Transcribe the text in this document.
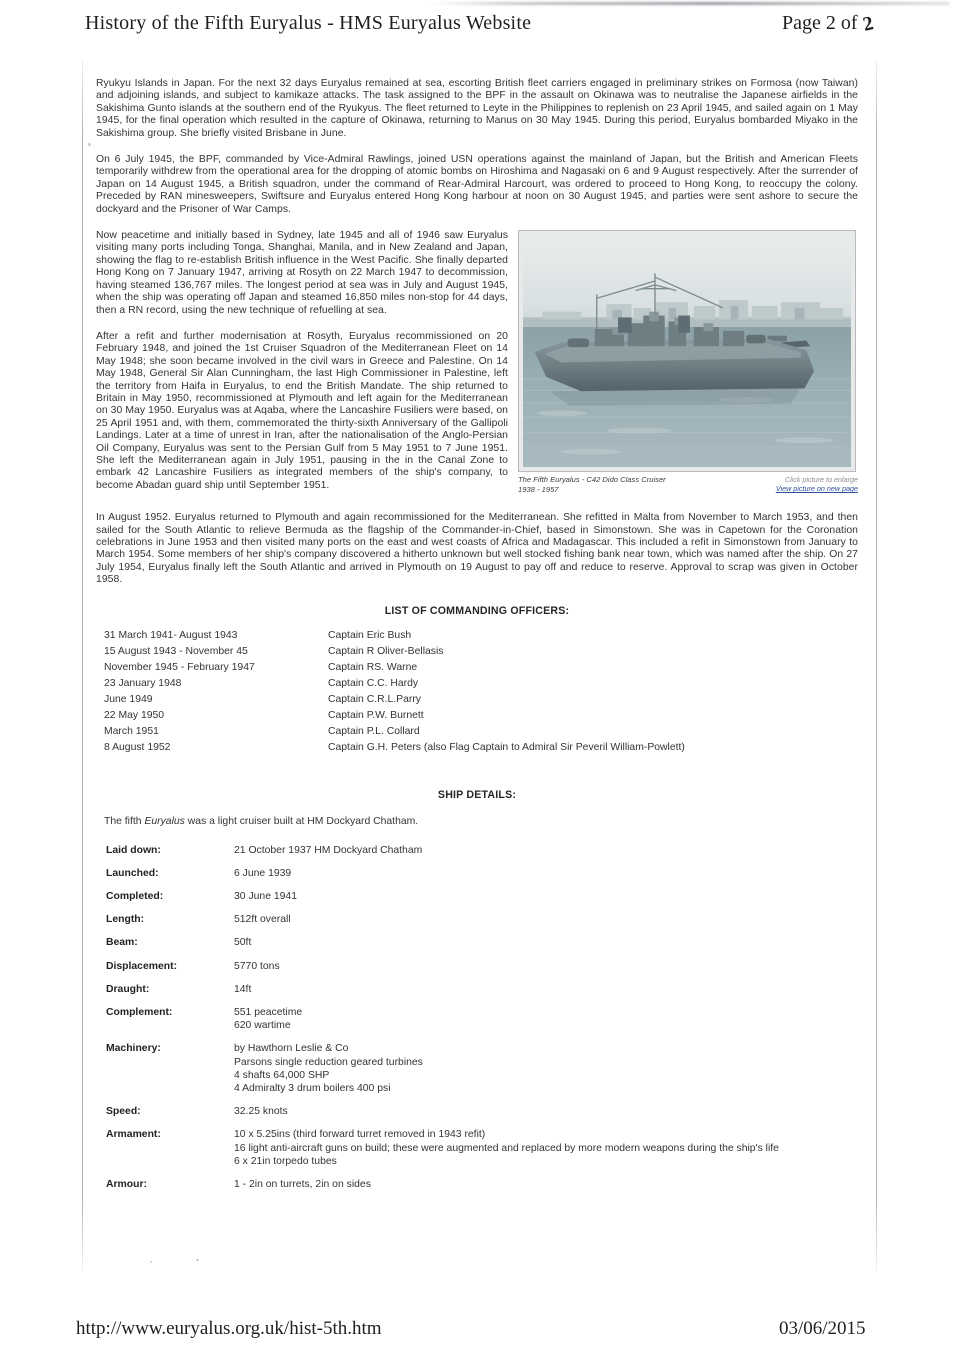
History of the Fifth Euryalus - HMS Euryalus Website	Page 2 of 2

Ryukyu Islands in Japan. For the next 32 days Euryalus remained at sea, escorting British fleet carriers engaged in preliminary strikes on Formosa (now Taiwan) and adjoining islands, and subject to kamikaze attacks. The task assigned to the BPF in the assault on Okinawa was to neutralise the Japanese airfields in the Sakishima Gunto islands at the southern end of the Ryukyus. The fleet returned to Leyte in the Philippines to replenish on 23 April 1945, and sailed again on 1 May 1945, for the final operation which resulted in the capture of Okinawa, returning to Manus on 30 May 1945. During this period, Euryalus bombarded Miyako in the Sakishima group. She briefly visited Brisbane in June.

On 6 July 1945, the BPF, commanded by Vice-Admiral Rawlings, joined USN operations against the mainland of Japan, but the British and American Fleets temporarily withdrew from the operational area for the dropping of atomic bombs on Hiroshima and Nagasaki on 6 and 9 August respectively. After the surrender of Japan on 14 August 1945, a British squadron, under the command of Rear-Admiral Harcourt, was ordered to proceed to Hong Kong, to reoccupy the colony. Preceded by RAN minesweepers, Swiftsure and Euryalus entered Hong Kong harbour at noon on 30 August 1945, and parties were sent ashore to secure the dockyard and the Prisoner of War Camps.

The Fifth Euryalus - C42 Dido Class Cruiser
1938 - 1957
Click picture to enlarge
View picture on new page

Now peacetime and initially based in Sydney, late 1945 and all of 1946 saw Euryalus visiting many ports including Tonga, Shanghai, Manila, and in New Zealand and Japan, showing the flag to re-establish British influence in the West Pacific. She finally departed Hong Kong on 7 January 1947, arriving at Rosyth on 22 March 1947 to decommission, having steamed 136,767 miles. The longest period at sea was in July and August 1945, when the ship was operating off Japan and steamed 16,850 miles non-stop for 44 days, then a RN record, using the new technique of refuelling at sea.

After a refit and further modernisation at Rosyth, Euryalus recommissioned on 20 February 1948, and joined the 1st Cruiser Squadron of the Mediterranean Fleet on 14 May 1948; she soon became involved in the civil wars in Greece and Palestine. On 14 May 1948, General Sir Alan Cunningham, the last High Commissioner in Palestine, left the territory from Haifa in Euryalus, to end the British Mandate. The ship returned to Britain in May 1950, recommissioned at Plymouth and left again for the Mediterranean on 30 May 1950. Euryalus was at Aqaba, where the Lancashire Fusiliers were based, on 25 April 1951 and, with them, commemorated the thirty-sixth Anniversary of the Gallipoli Landings. Later at a time of unrest in Iran, after the nationalisation of the Anglo-Persian Oil Company, Euryalus was sent to the Persian Gulf from 5 May 1951 to 7 June 1951. She left the Mediterranean again in July 1951, pausing in the in the Canal Zone to embark 42 Lancashire Fusiliers as integrated members of the ship's company, to become Abadan guard ship until September 1951.

In August 1952. Euryalus returned to Plymouth and again recommissioned for the Mediterranean. She refitted in Malta from November to March 1953, and then sailed for the South Atlantic to relieve Bermuda as the flagship of the Commander-in-Chief, based in Simonstown. She was in Capetown for the Coronation celebrations in June 1953 and then visited many ports on the east and west coasts of Africa and Madagascar. This included a refit in Simonstown from January to March 1954. Some members of her ship's company discovered a hitherto unknown but well stocked fishing bank near town, which was named after the ship. On 27 July 1954, Euryalus finally left the South Atlantic and arrived in Plymouth on 19 August to pay off and reduce to reserve. Approval to scrap was given in October 1958.

LIST OF COMMANDING OFFICERS:
31 March 1941- August 1943	Captain Eric Bush
15 August 1943 - November 45	Captain R Oliver-Bellasis
November 1945 - February 1947	Captain RS. Warne
23 January 1948	Captain C.C. Hardy
June 1949	Captain C.R.L.Parry
22 May 1950	Captain P.W. Burnett
March 1951	Captain P.L. Collard
8 August 1952	Captain G.H. Peters (also Flag Captain to Admiral Sir Peveril William-Powlett)
SHIP DETAILS:
The fifth Euryalus was a light cruiser built at HM Dockyard Chatham.
Laid down:	21 October 1937 HM Dockyard Chatham

Launched:	6 June 1939

Completed:	30 June 1941

Length:	512ft overall

Beam:	50ft

Displacement:	5770 tons

Draught:	14ft

Complement:	551 peacetime
620 wartime

Machinery:	by Hawthorn Leslie & Co
Parsons single reduction geared turbines
4 shafts 64,000 SHP
4 Admiralty 3 drum boilers 400 psi

Speed:	32.25 knots

Armament:	10 x 5.25ins (third forward turret removed in 1943 refit)
16 light anti-aircraft guns on build; these were augmented and replaced by more modern weapons during the ship's life
6 x 21in torpedo tubes

Armour:	1 - 2in on turrets, 2in on sides
http://www.euryalus.org.uk/hist-5th.htm	03/06/2015
